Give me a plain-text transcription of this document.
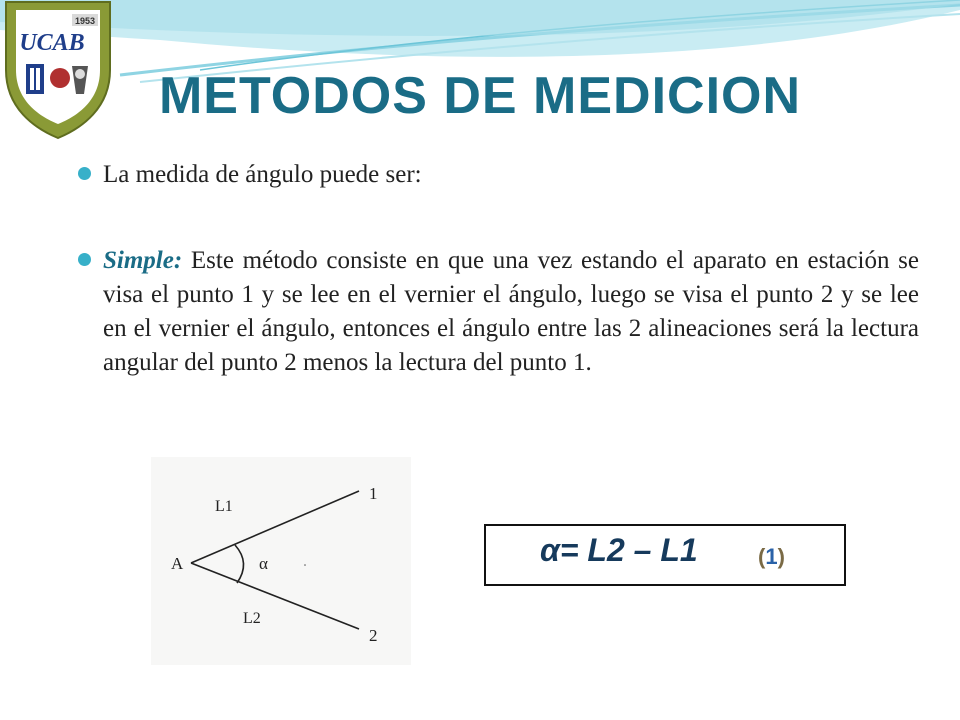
1953
UCAB
METODOS DE MEDICION
La medida de ángulo puede ser:
Simple: Este método consiste en que una vez estando el aparato en estación se visa el punto 1 y se lee en el vernier el ángulo, luego se visa el punto 2 y se lee en el vernier el ángulo, entonces el ángulo entre las 2 alineaciones será la lectura angular del punto 2 menos la lectura del punto 1.
A	α
L1
L2
1
2
α= L2 – L1	(1)
